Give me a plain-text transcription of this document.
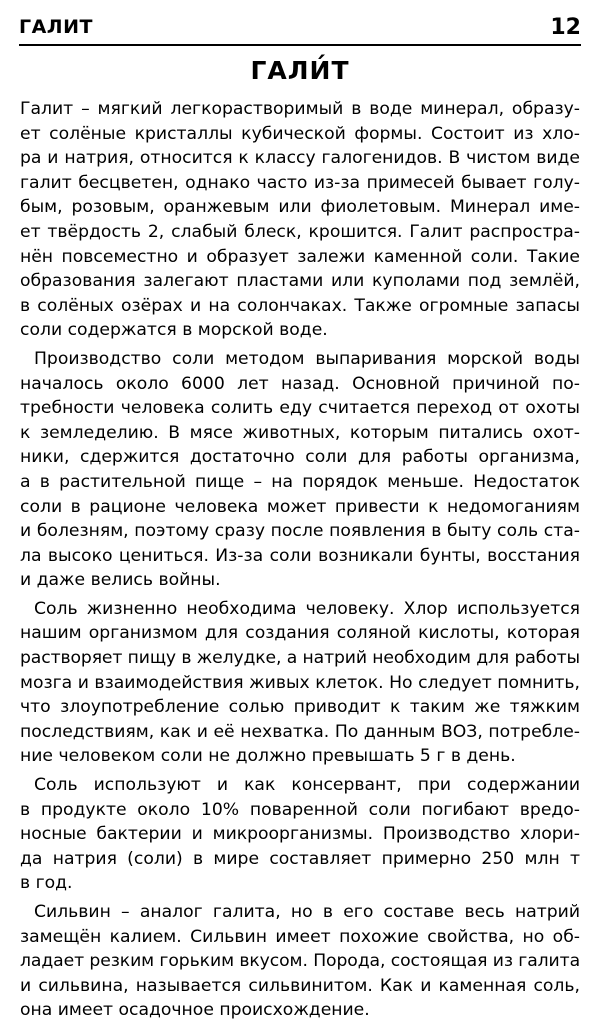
ГАЛИТ	12
ГАЛИ́Т
Галит – мягкий легкорастворимый в воде минерал, образу-
ет солёные кристаллы кубической формы. Состоит из хло-
ра и натрия, относится к классу галогенидов. В чистом виде
галит бесцветен, однако часто из-за примесей бывает голу-
бым, розовым, оранжевым или фиолетовым. Минерал име-
ет твёрдость 2, слабый блеск, крошится. Галит распростра-
нён повсеместно и образует залежи каменной соли. Такие
образования залегают пластами или куполами под землёй,
в солёных озёрах и на солончаках. Также огромные запасы
соли содержатся в морской воде.
Производство соли методом выпаривания морской воды
началось около 6000 лет назад. Основной причиной по-
требности человека солить еду считается переход от охоты
к земледелию. В мясе животных, которым питались охот-
ники, сдержится достаточно соли для работы организма,
а в растительной пище – на порядок меньше. Недостаток
соли в рационе человека может привести к недомоганиям
и болезням, поэтому сразу после появления в быту соль ста-
ла высоко цениться. Из-за соли возникали бунты, восстания
и даже велись войны.
Соль жизненно необходима человеку. Хлор используется
нашим организмом для создания соляной кислоты, которая
растворяет пищу в желудке, а натрий необходим для работы
мозга и взаимодействия живых клеток. Но следует помнить,
что злоупотребление солью приводит к таким же тяжким
последствиям, как и её нехватка. По данным ВОЗ, потребле-
ние человеком соли не должно превышать 5 г в день.
Соль используют и как консервант, при содержании
в продукте около 10% поваренной соли погибают вредо-
носные бактерии и микроорганизмы. Производство хлори-
да натрия (соли) в мире составляет примерно 250 млн т
в год.
Сильвин – аналог галита, но в его составе весь натрий
замещён калием. Сильвин имеет похожие свойства, но об-
ладает резким горьким вкусом. Порода, состоящая из галита
и сильвина, называется сильвинитом. Как и каменная соль,
она имеет осадочное происхождение.
